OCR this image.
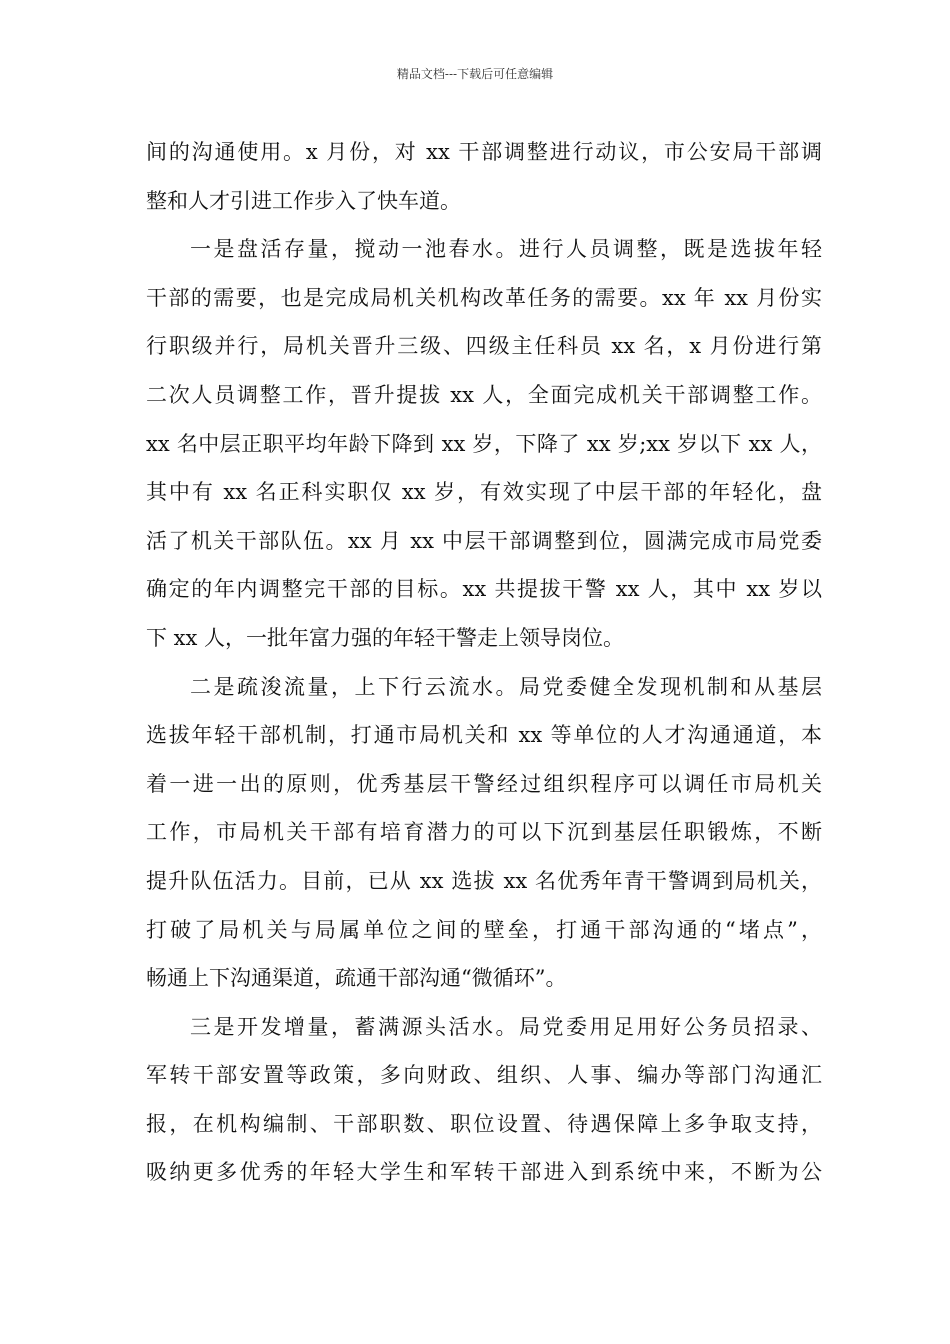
精品文档---下载后可任意编辑
间的沟通使用。x 月份，对 xx 干部调整进行动议，市公安局干部调
整和人才引进工作步入了快车道。
一是盘活存量，搅动一池春水。进行人员调整，既是选拔年轻
干部的需要，也是完成局机关机构改革任务的需要。xx 年 xx 月份实
行职级并行，局机关晋升三级、四级主任科员 xx 名，x 月份进行第
二次人员调整工作，晋升提拔 xx 人，全面完成机关干部调整工作。
xx 名中层正职平均年龄下降到 xx 岁，下降了 xx 岁;xx 岁以下 xx 人，
其中有 xx 名正科实职仅 xx 岁，有效实现了中层干部的年轻化，盘
活了机关干部队伍。xx 月 xx 中层干部调整到位，圆满完成市局党委
确定的年内调整完干部的目标。xx 共提拔干警 xx 人，其中 xx 岁以
下 xx 人，一批年富力强的年轻干警走上领导岗位。
二是疏浚流量，上下行云流水。局党委健全发现机制和从基层
选拔年轻干部机制，打通市局机关和 xx 等单位的人才沟通通道，本
着一进一出的原则，优秀基层干警经过组织程序可以调任市局机关
工作，市局机关干部有培育潜力的可以下沉到基层任职锻炼，不断
提升队伍活力。目前，已从 xx 选拔 xx 名优秀年青干警调到局机关，
打破了局机关与局属单位之间的壁垒，打通干部沟通的“堵点”，
畅通上下沟通渠道，疏通干部沟通“微循环”。
三是开发增量，蓄满源头活水。局党委用足用好公务员招录、
军转干部安置等政策，多向财政、组织、人事、编办等部门沟通汇
报，在机构编制、干部职数、职位设置、待遇保障上多争取支持，
吸纳更多优秀的年轻大学生和军转干部进入到系统中来，不断为公
